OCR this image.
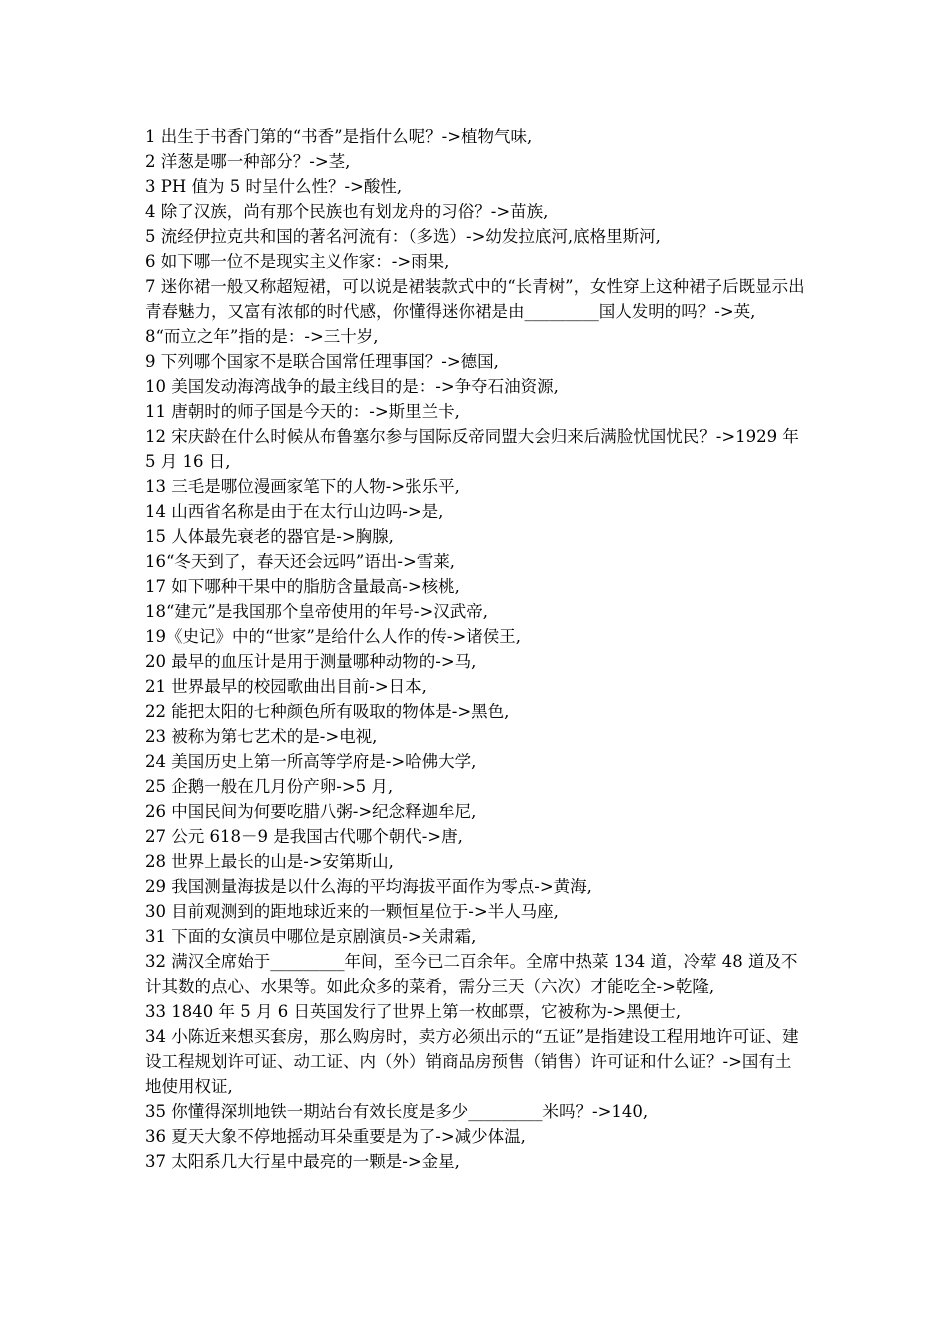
1 出生于书香门第的“书香”是指什么呢？->植物气味,

2 洋葱是哪一种部分？->茎,

3 PH 值为 5 时呈什么性？->酸性,

4 除了汉族，尚有那个民族也有划龙舟的习俗？->苗族,

5 流经伊拉克共和国的著名河流有：（多选）->幼发拉底河,底格里斯河,

6 如下哪一位不是现实主义作家：->雨果,

7 迷你裙一般又称超短裙，可以说是裙装款式中的“长青树”，女性穿上这种裙子后既显示出青春魅力，又富有浓郁的时代感，你懂得迷你裙是由_________国人发明的吗？->英,

8“而立之年”指的是：->三十岁,

9 下列哪个国家不是联合国常任理事国？->德国,

10 美国发动海湾战争的最主线目的是：->争夺石油资源,

11 唐朝时的师子国是今天的：->斯里兰卡,

12 宋庆龄在什么时候从布鲁塞尔参与国际反帝同盟大会归来后满脸忧国忧民？->1929 年 5 月 16 日,

13 三毛是哪位漫画家笔下的人物->张乐平,

14 山西省名称是由于在太行山边吗->是,

15 人体最先衰老的器官是->胸腺,

16“冬天到了，春天还会远吗”语出->雪莱,

17 如下哪种干果中的脂肪含量最高->核桃,

18“建元”是我国那个皇帝使用的年号->汉武帝,

19《史记》中的“世家”是给什么人作的传->诸侯王,

20 最早的血压计是用于测量哪种动物的->马,

21 世界最早的校园歌曲出目前->日本,

22 能把太阳的七种颜色所有吸取的物体是->黑色,

23 被称为第七艺术的是->电视,

24 美国历史上第一所高等学府是->哈佛大学,

25 企鹅一般在几月份产卵->5 月,

26 中国民间为何要吃腊八粥->纪念释迦牟尼,

27 公元 618－9 是我国古代哪个朝代->唐,

28 世界上最长的山是->安第斯山,

29 我国测量海拔是以什么海的平均海拔平面作为零点->黄海,

30 目前观测到的距地球近来的一颗恒星位于->半人马座,

31 下面的女演员中哪位是京剧演员->关肃霜,

32 满汉全席始于_________年间，至今已二百余年。全席中热菜 134 道，冷荤 48 道及不计其数的点心、水果等。如此众多的菜肴，需分三天（六次）才能吃全->乾隆,

33 1840 年 5 月 6 日英国发行了世界上第一枚邮票，它被称为->黑便士,

34 小陈近来想买套房，那么购房时，卖方必须出示的“五证”是指建设工程用地许可证、建设工程规划许可证、动工证、内（外）销商品房预售（销售）许可证和什么证？->国有土地使用权证,

35 你懂得深圳地铁一期站台有效长度是多少_________米吗？->140,

36 夏天大象不停地摇动耳朵重要是为了->减少体温,

37 太阳系几大行星中最亮的一颗是->金星,
